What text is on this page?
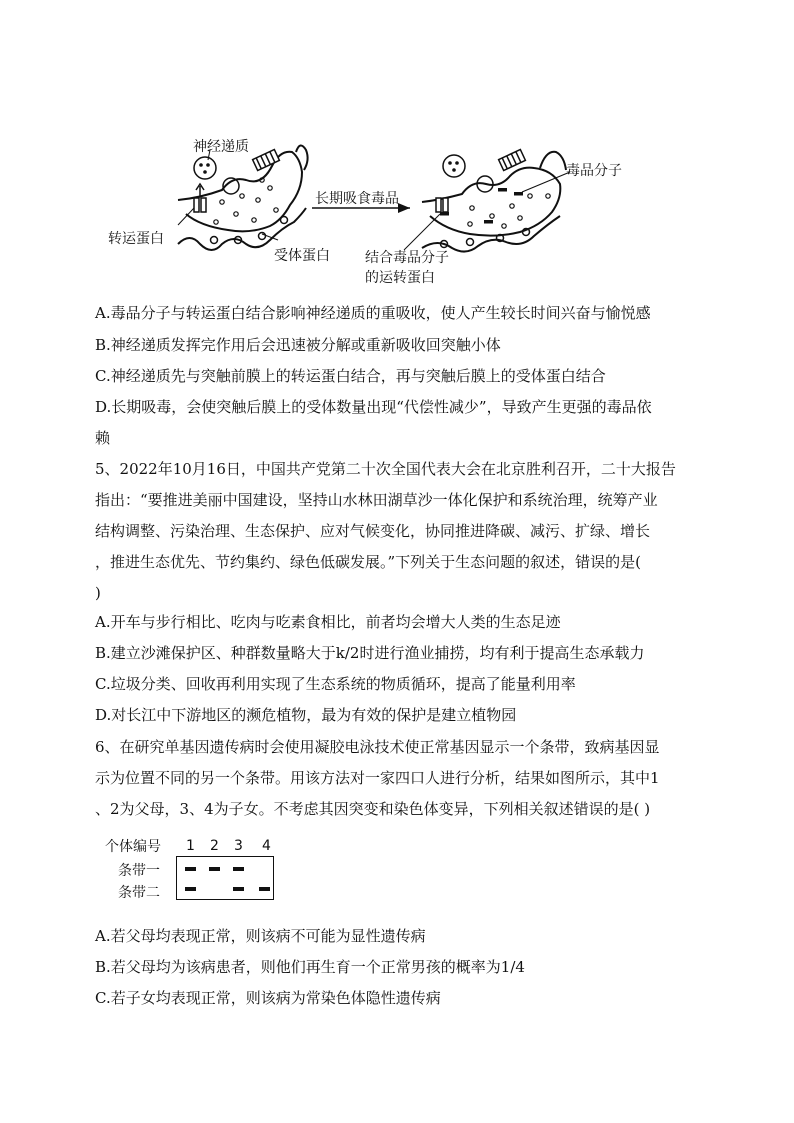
神经递质
转运蛋白
受体蛋白
长期吸食毒品
毒品分子
结合毒品分子
的运转蛋白
A.毒品分子与转运蛋白结合影响神经递质的重吸收，使人产生较长时间兴奋与愉悦感
B.神经递质发挥完作用后会迅速被分解或重新吸收回突触小体
C.神经递质先与突触前膜上的转运蛋白结合，再与突触后膜上的受体蛋白结合
D.长期吸毒，会使突触后膜上的受体数量出现“代偿性减少”，导致产生更强的毒品依
赖
5、2022年10月16日，中国共产党第二十次全国代表大会在北京胜利召开，二十大报告
指出：“要推进美丽中国建设，坚持山水林田湖草沙一体化保护和系统治理，统筹产业
结构调整、污染治理、生态保护、应对气候变化，协同推进降碳、减污、扩绿、增长
，推进生态优先、节约集约、绿色低碳发展。”下列关于生态问题的叙述，错误的是(
)
A.开车与步行相比、吃肉与吃素食相比，前者均会增大人类的生态足迹
B.建立沙滩保护区、种群数量略大于k/2时进行渔业捕捞，均有利于提高生态承载力
C.垃圾分类、回收再利用实现了生态系统的物质循环，提高了能量利用率
D.对长江中下游地区的濒危植物，最为有效的保护是建立植物园
6、在研究单基因遗传病时会使用凝胶电泳技术使正常基因显示一个条带，致病基因显
示为位置不同的另一个条带。用该方法对一家四口人进行分析，结果如图所示，其中1
、2为父母，3、4为子女。不考虑其因突变和染色体变异，下列相关叙述错误的是( )
个体编号 1 2 3 4
条带一
条带二
A.若父母均表现正常，则该病不可能为显性遗传病
B.若父母均为该病患者，则他们再生育一个正常男孩的概率为1/4
C.若子女均表现正常，则该病为常染色体隐性遗传病
